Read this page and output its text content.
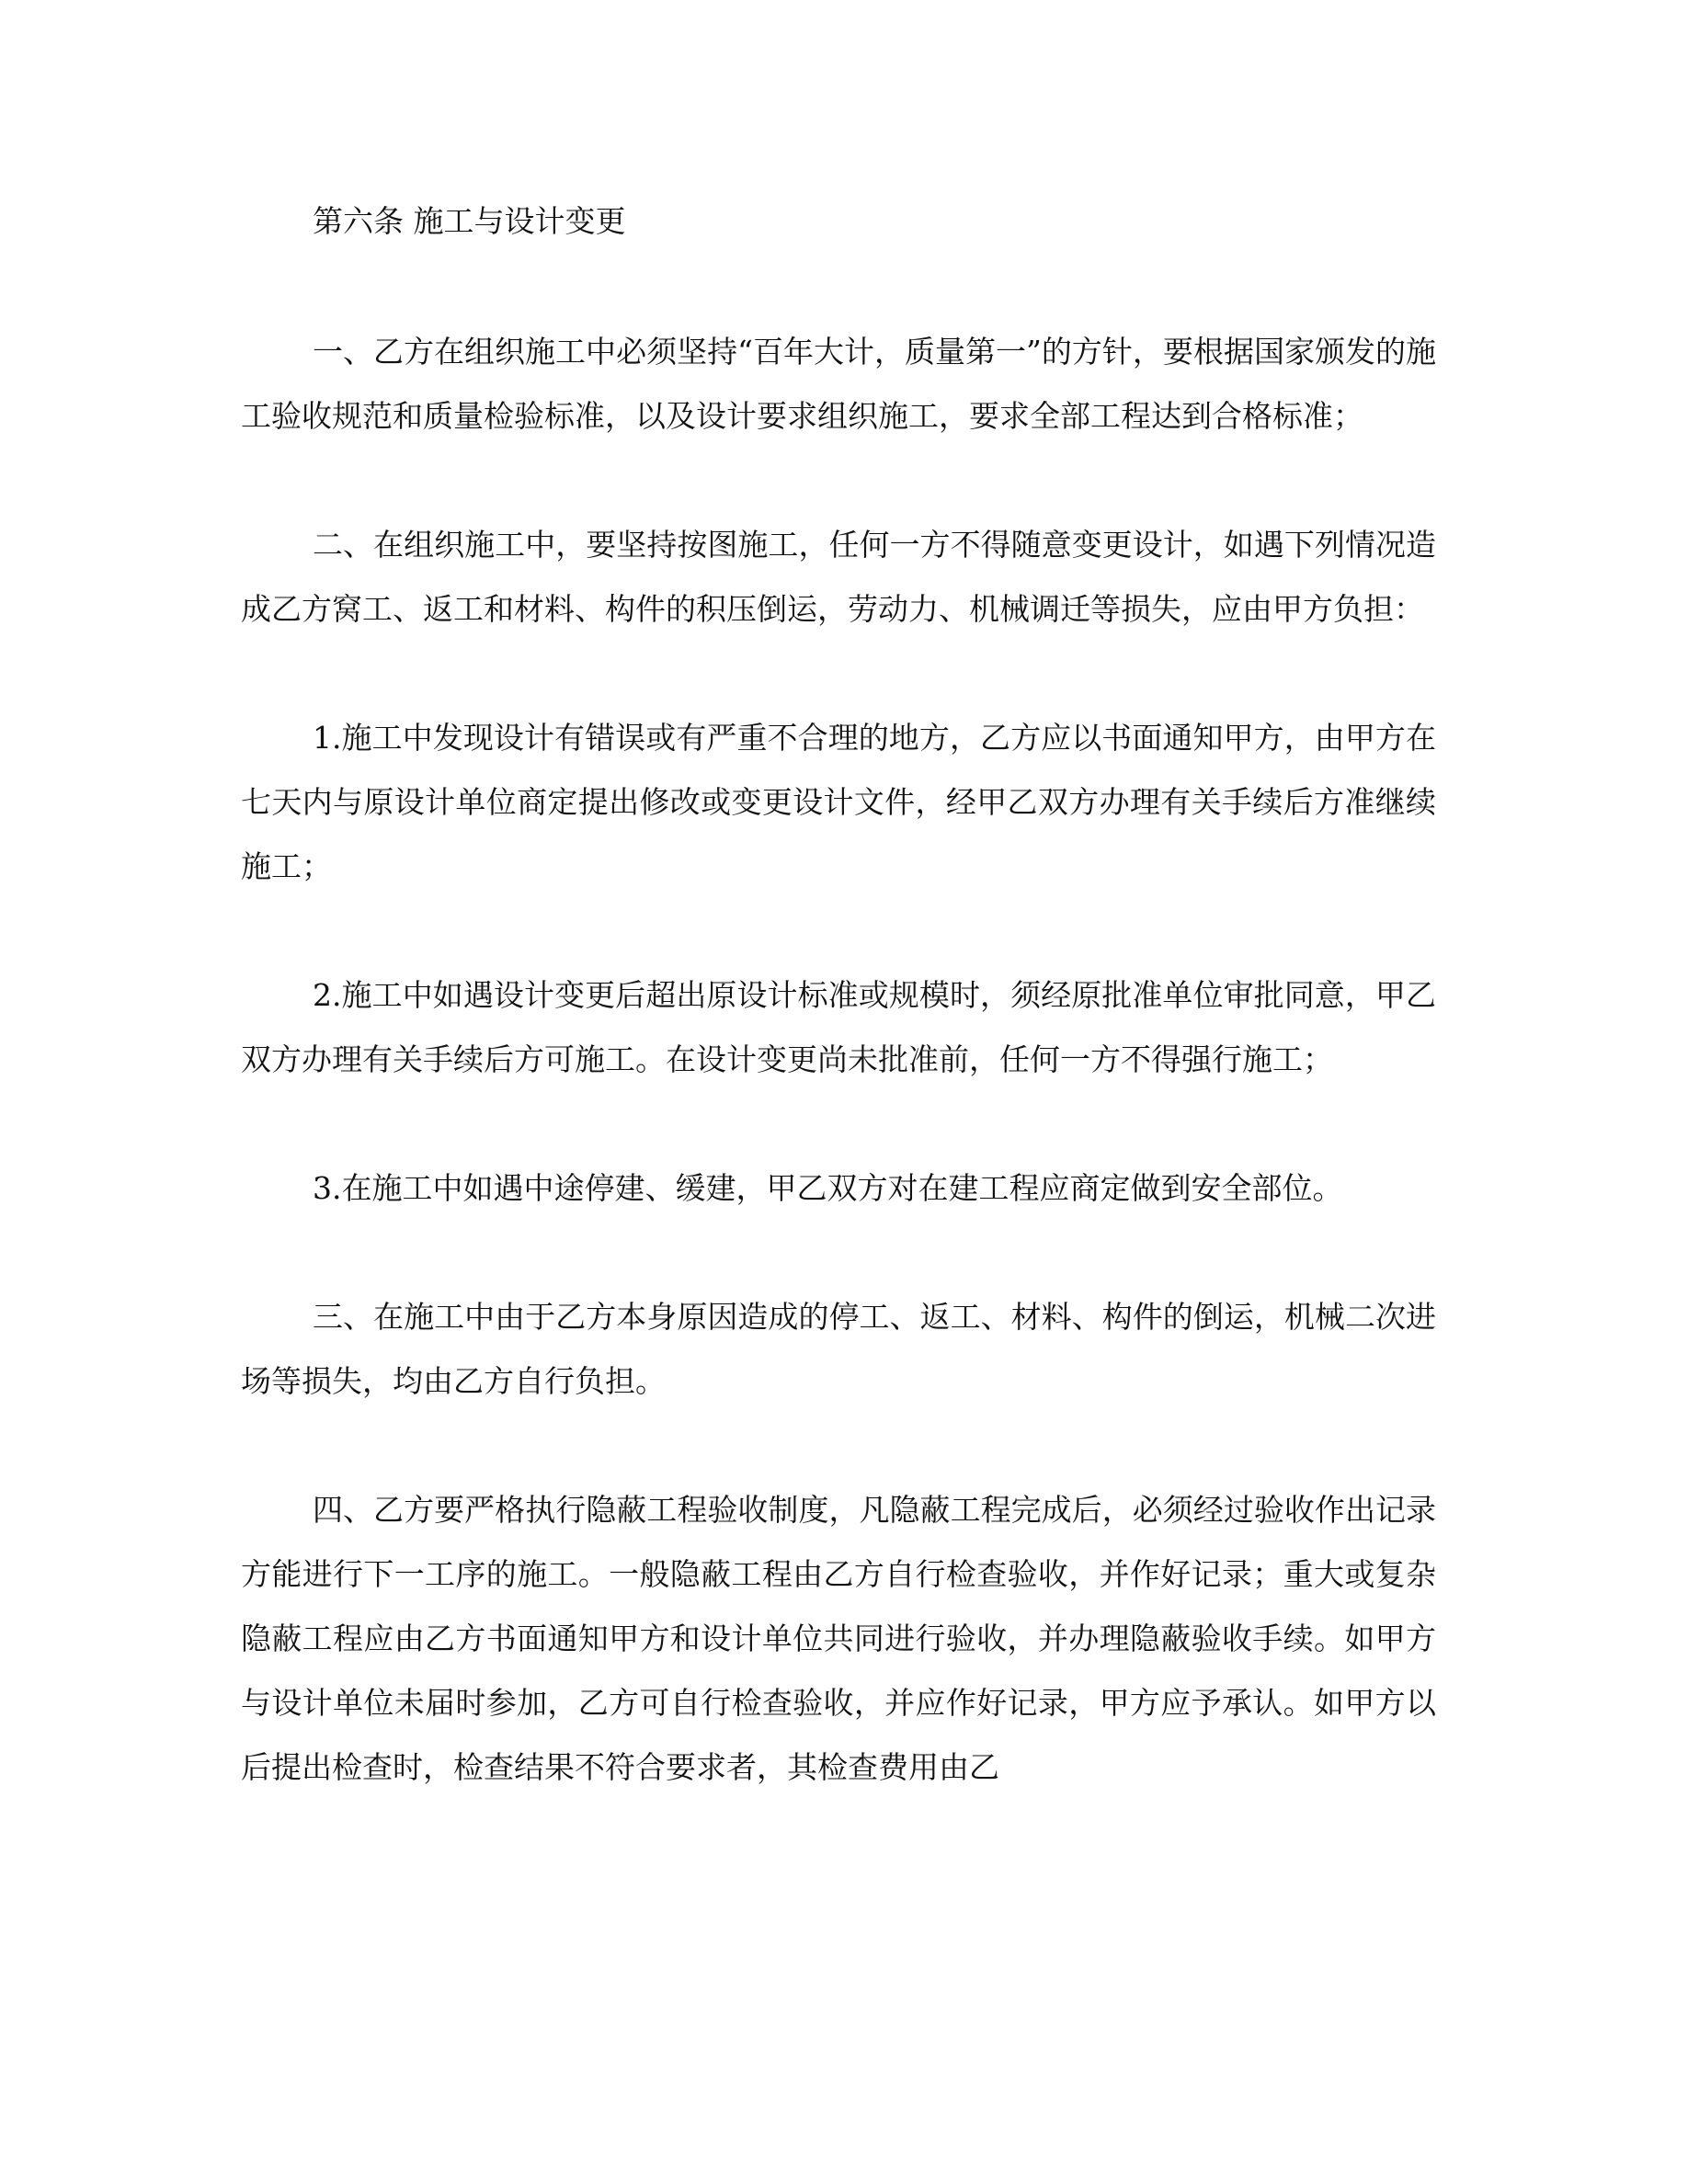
第六条 施工与设计变更

一、乙方在组织施工中必须坚持“百年大计，质量第一”的方针，要根据国家颁发的施工验收规范和质量检验标准，以及设计要求组织施工，要求全部工程达到合格标准；

二、在组织施工中，要坚持按图施工，任何一方不得随意变更设计，如遇下列情况造成乙方窝工、返工和材料、构件的积压倒运，劳动力、机械调迁等损失，应由甲方负担：

1.施工中发现设计有错误或有严重不合理的地方，乙方应以书面通知甲方，由甲方在七天内与原设计单位商定提出修改或变更设计文件，经甲乙双方办理有关手续后方准继续施工；

2.施工中如遇设计变更后超出原设计标准或规模时，须经原批准单位审批同意，甲乙双方办理有关手续后方可施工。在设计变更尚未批准前，任何一方不得强行施工；

3.在施工中如遇中途停建、缓建，甲乙双方对在建工程应商定做到安全部位。

三、在施工中由于乙方本身原因造成的停工、返工、材料、构件的倒运，机械二次进场等损失，均由乙方自行负担。

四、乙方要严格执行隐蔽工程验收制度，凡隐蔽工程完成后，必须经过验收作出记录方能进行下一工序的施工。一般隐蔽工程由乙方自行检查验收，并作好记录；重大或复杂隐蔽工程应由乙方书面通知甲方和设计单位共同进行验收，并办理隐蔽验收手续。如甲方与设计单位未届时参加，乙方可自行检查验收，并应作好记录，甲方应予承认。如甲方以后提出检查时，检查结果不符合要求者，其检查费用由乙
